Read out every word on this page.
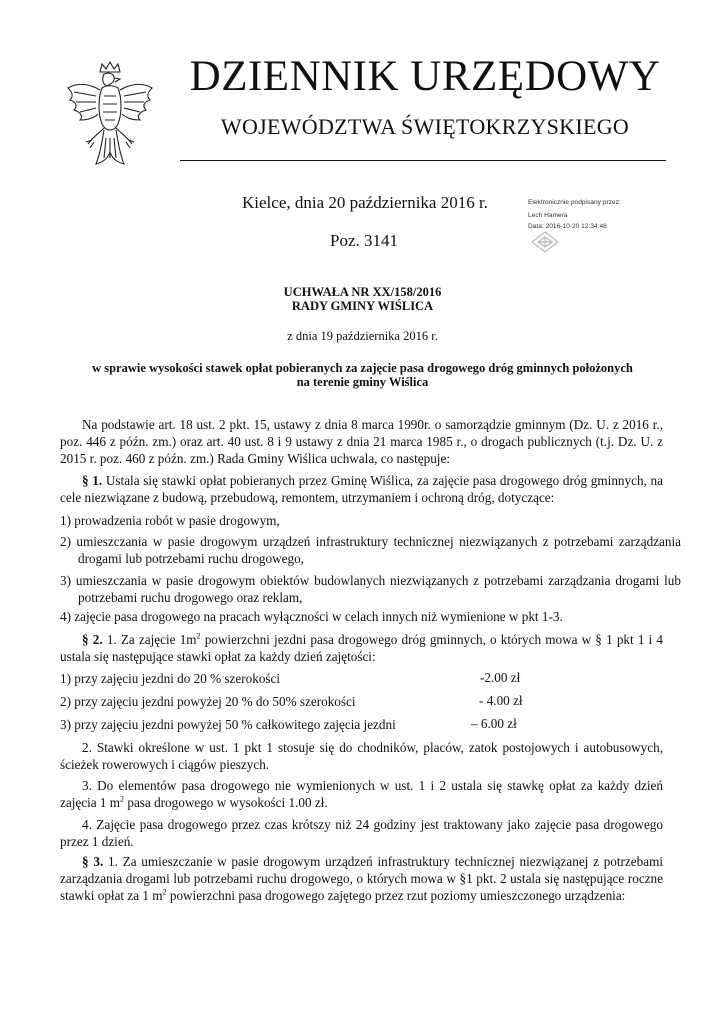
DZIENNIK URZĘDOWY
WOJEWÓDZTWA ŚWIĘTOKRZYSKIEGO
Kielce, dnia 20 października 2016 r.
Poz. 3141
Elektronicznie podpisany przez:
Lech Hamera
Data: 2016-10-20 12:34:48
UCHWAŁA NR XX/158/2016
RADY GMINY WIŚLICA
z dnia 19 października 2016 r.
w sprawie wysokości stawek opłat pobieranych za zajęcie pasa drogowego dróg gminnych położonych
na terenie gminy Wiślica
Na podstawie art. 18 ust. 2 pkt. 15, ustawy z dnia 8 marca 1990r. o samorządzie gminnym (Dz. U. z 2016 r., poz. 446 z późn. zm.) oraz art. 40 ust. 8 i 9 ustawy z dnia 21 marca 1985 r., o drogach publicznych (t.j. Dz. U. z 2015 r. poz. 460 z późn. zm.) Rada Gminy Wiślica uchwala, co następuje:
§ 1. Ustala się stawki opłat pobieranych przez Gminę Wiślica, za zajęcie pasa drogowego dróg gminnych, na cele niezwiązane z budową, przebudową, remontem, utrzymaniem i ochroną dróg, dotyczące:
1) prowadzenia robót w pasie drogowym,
2) umieszczania w pasie drogowym urządzeń infrastruktury technicznej niezwiązanych z potrzebami zarządzania drogami lub potrzebami ruchu drogowego,
3) umieszczania w pasie drogowym obiektów budowlanych niezwiązanych z potrzebami zarządzania drogami lub potrzebami ruchu drogowego oraz reklam,
4) zajęcie pasa drogowego na pracach wyłączności w celach innych niż wymienione w pkt 1-3.
§ 2. 1. Za zajęcie $1m^2$ powierzchni jezdni pasa drogowego dróg gminnych, o których mowa w § 1 pkt 1 i 4 ustala się następujące stawki opłat za każdy dzień zajętości:
1) przy zajęciu jezdni do 20 % szerokości	-2.00 zł
2) przy zajęciu jezdni powyżej 20 % do 50% szerokości	- 4.00 zł
3) przy zajęciu jezdni powyżej 50 % całkowitego zajęcia jezdni	– 6.00 zł
2. Stawki określone w ust. 1 pkt 1 stosuje się do chodników, placów, zatok postojowych i autobusowych, ścieżek rowerowych i ciągów pieszych.
3. Do elementów pasa drogowego nie wymienionych w ust. 1 i 2 ustala się stawkę opłat za każdy dzień zajęcia 1 $m^2$ pasa drogowego w wysokości 1.00 zł.
4. Zajęcie pasa drogowego przez czas krótszy niż 24 godziny jest traktowany jako zajęcie pasa drogowego przez 1 dzień.
§ 3. 1. Za umieszczanie w pasie drogowym urządzeń infrastruktury technicznej niezwiązanej z potrzebami zarządzania drogami lub potrzebami ruchu drogowego, o których mowa w §1 pkt. 2 ustala się następujące roczne stawki opłat za 1 $m^2$ powierzchni pasa drogowego zajętego przez rzut poziomy umieszczonego urządzenia:
